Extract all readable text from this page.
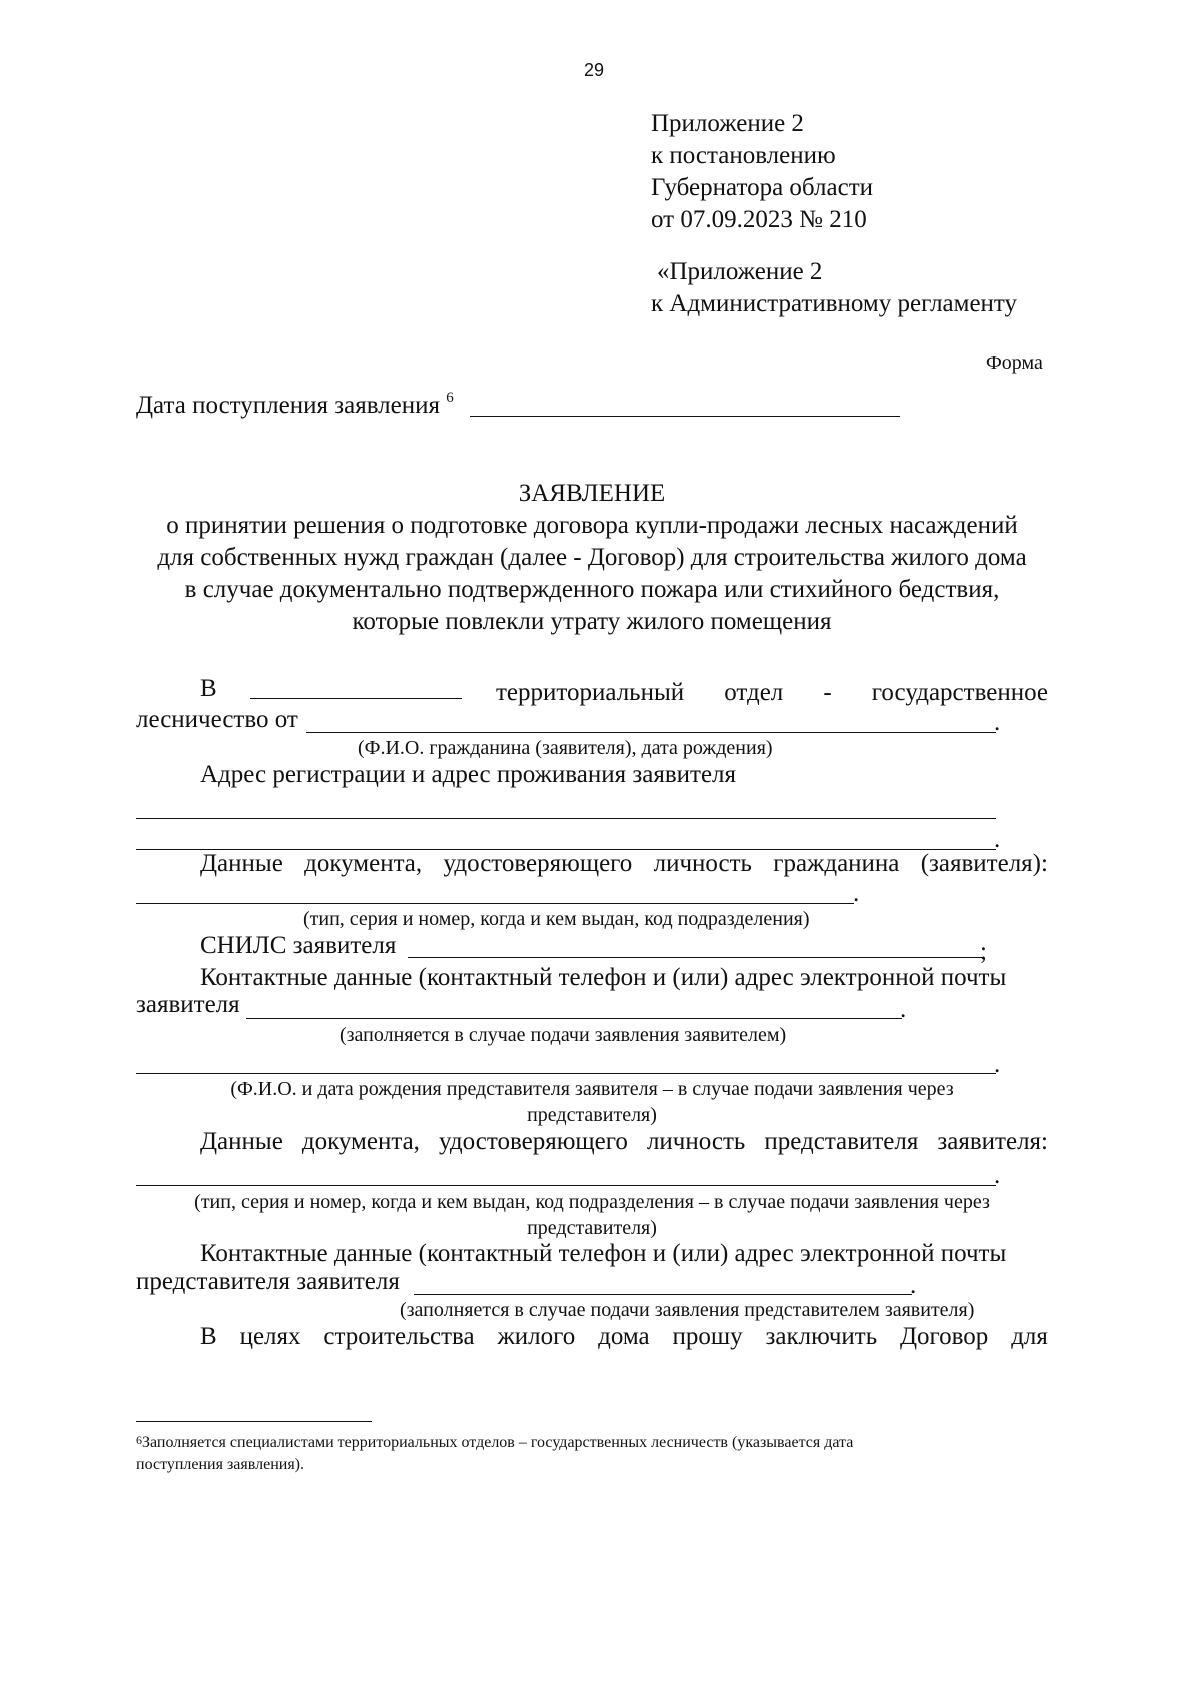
29
Приложение 2
к постановлению
Губернатора области
от 07.09.2023 № 210
«Приложение 2
к Административному регламенту
Форма
Дата поступления заявления $^6$
ЗАЯВЛЕНИЕ
о принятии решения о подготовке договора купли-продажи лесных насаждений
для собственных нужд граждан (далее - Договор) для строительства жилого дома
в случае документально подтвержденного пожара или стихийного бедствия,
которые повлекли утрату жилого помещения
В	территориальный отдел - государственное
лесничество от	.
(Ф.И.О. гражданина (заявителя), дата рождения)
Адрес регистрации и адрес проживания заявителя
.
Данные документа, удостоверяющего личность гражданина (заявителя):
.
(тип, серия и номер, когда и кем выдан, код подразделения)
СНИЛС заявителя	;
Контактные данные (контактный телефон и (или) адрес электронной почты
заявителя	.
(заполняется в случае подачи заявления заявителем)
.
(Ф.И.О. и дата рождения представителя заявителя – в случае подачи заявления через
представителя)
Данные документа, удостоверяющего личность представителя заявителя:
.
(тип, серия и номер, когда и кем выдан, код подразделения – в случае подачи заявления через
представителя)
Контактные данные (контактный телефон и (или) адрес электронной почты
представителя заявителя	.
(заполняется в случае подачи заявления представителем заявителя)
В целях строительства жилого дома прошу заключить Договор для
$^6$Заполняется специалистами территориальных отделов – государственных лесничеств (указывается дата
поступления заявления).
